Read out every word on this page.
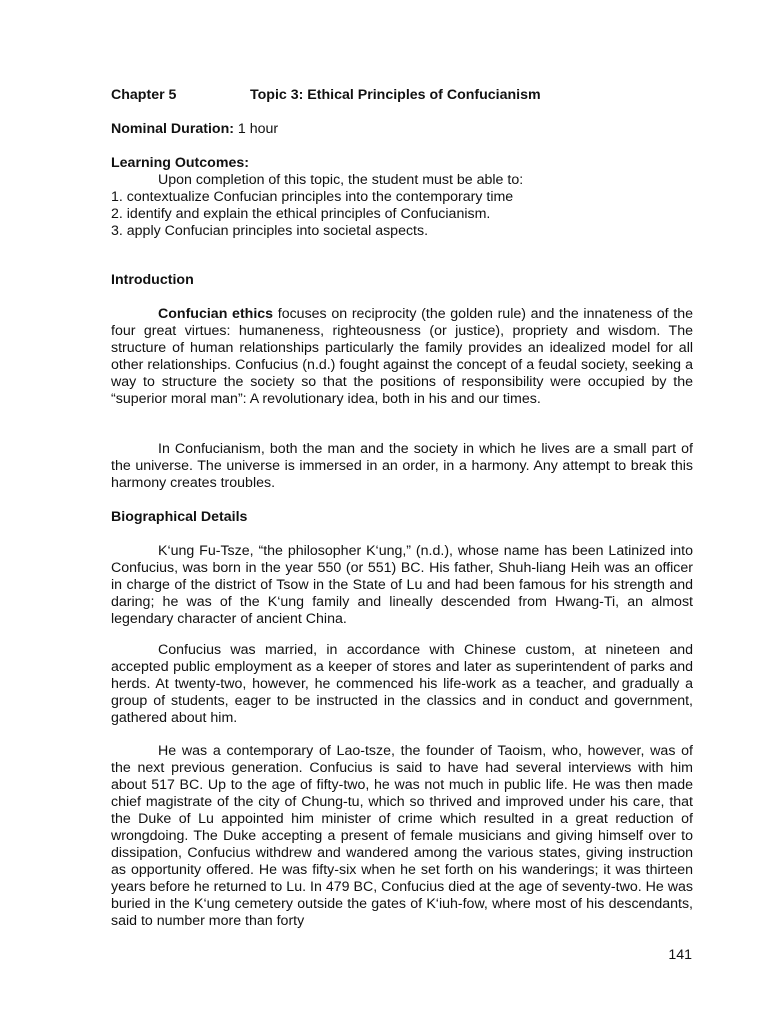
Chapter 5	Topic 3: Ethical Principles of Confucianism
Nominal Duration: 1 hour
Learning Outcomes:
Upon completion of this topic, the student must be able to:
1. contextualize Confucian principles into the contemporary time
2. identify and explain the ethical principles of Confucianism.
3. apply Confucian principles into societal aspects.
Introduction
Confucian ethics focuses on reciprocity (the golden rule) and the innateness of the four great virtues: humaneness, righteousness (or justice), propriety and wisdom. The structure of human relationships particularly the family provides an idealized model for all other relationships. Confucius (n.d.) fought against the concept of a feudal society, seeking a way to structure the society so that the positions of responsibility were occupied by the “superior moral man”: A revolutionary idea, both in his and our times.
In Confucianism, both the man and the society in which he lives are a small part of the universe. The universe is immersed in an order, in a harmony. Any attempt to break this harmony creates troubles.
Biographical Details
K‘ung Fu-Tsze, “the philosopher K‘ung,” (n.d.), whose name has been Latinized into Confucius, was born in the year 550 (or 551) BC. His father, Shuh-liang Heih was an officer in charge of the district of Tsow in the State of Lu and had been famous for his strength and daring; he was of the K‘ung family and lineally descended from Hwang-Ti, an almost legendary character of ancient China.
Confucius was married, in accordance with Chinese custom, at nineteen and accepted public employment as a keeper of stores and later as superintendent of parks and herds. At twenty-two, however, he commenced his life-work as a teacher, and gradually a group of students, eager to be instructed in the classics and in conduct and government, gathered about him.
He was a contemporary of Lao-tsze, the founder of Taoism, who, however, was of the next previous generation. Confucius is said to have had several interviews with him about 517 BC. Up to the age of fifty-two, he was not much in public life. He was then made chief magistrate of the city of Chung-tu, which so thrived and improved under his care, that the Duke of Lu appointed him minister of crime which resulted in a great reduction of wrongdoing. The Duke accepting a present of female musicians and giving himself over to dissipation, Confucius withdrew and wandered among the various states, giving instruction as opportunity offered. He was fifty-six when he set forth on his wanderings; it was thirteen years before he returned to Lu. In 479 BC, Confucius died at the age of seventy-two. He was buried in the K‘ung cemetery outside the gates of K‘iuh-fow, where most of his descendants, said to number more than forty
141
